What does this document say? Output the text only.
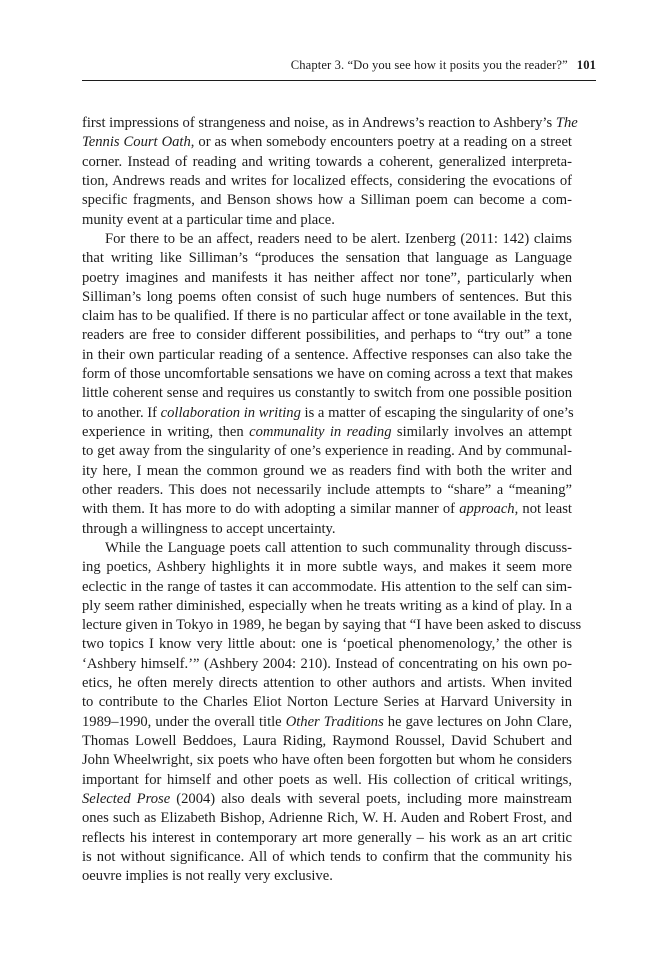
Chapter 3. “Do you see how it posits you the reader?” 101
first impressions of strangeness and noise, as in Andrews’s reaction to Ashbery’s The
Tennis Court Oath, or as when somebody encounters poetry at a reading on a street
corner. Instead of reading and writing towards a coherent, generalized interpreta-
tion, Andrews reads and writes for localized effects, considering the evocations of
specific fragments, and Benson shows how a Silliman poem can become a com-
munity event at a particular time and place.
For there to be an affect, readers need to be alert. Izenberg (2011: 142) claims
that writing like Silliman’s “produces the sensation that language as Language
poetry imagines and manifests it has neither affect nor tone”, particularly when
Silliman’s long poems often consist of such huge numbers of sentences. But this
claim has to be qualified. If there is no particular affect or tone available in the text,
readers are free to consider different possibilities, and perhaps to “try out” a tone
in their own particular reading of a sentence. Affective responses can also take the
form of those uncomfortable sensations we have on coming across a text that makes
little coherent sense and requires us constantly to switch from one possible position
to another. If collaboration in writing is a matter of escaping the singularity of one’s
experience in writing, then communality in reading similarly involves an attempt
to get away from the singularity of one’s experience in reading. And by communal-
ity here, I mean the common ground we as readers find with both the writer and
other readers. This does not necessarily include attempts to “share” a “meaning”
with them. It has more to do with adopting a similar manner of approach, not least
through a willingness to accept uncertainty.
While the Language poets call attention to such communality through discuss-
ing poetics, Ashbery highlights it in more subtle ways, and makes it seem more
eclectic in the range of tastes it can accommodate. His attention to the self can sim-
ply seem rather diminished, especially when he treats writing as a kind of play. In a
lecture given in Tokyo in 1989, he began by saying that “I have been asked to discuss
two topics I know very little about: one is ‘poetical phenomenology,’ the other is
‘Ashbery himself.’” (Ashbery 2004: 210). Instead of concentrating on his own po-
etics, he often merely directs attention to other authors and artists. When invited
to contribute to the Charles Eliot Norton Lecture Series at Harvard University in
1989–1990, under the overall title Other Traditions he gave lectures on John Clare,
Thomas Lowell Beddoes, Laura Riding, Raymond Roussel, David Schubert and
John Wheelwright, six poets who have often been forgotten but whom he considers
important for himself and other poets as well. His collection of critical writings,
Selected Prose (2004) also deals with several poets, including more mainstream
ones such as Elizabeth Bishop, Adrienne Rich, W. H. Auden and Robert Frost, and
reflects his interest in contemporary art more generally – his work as an art critic
is not without significance. All of which tends to confirm that the community his
oeuvre implies is not really very exclusive.
